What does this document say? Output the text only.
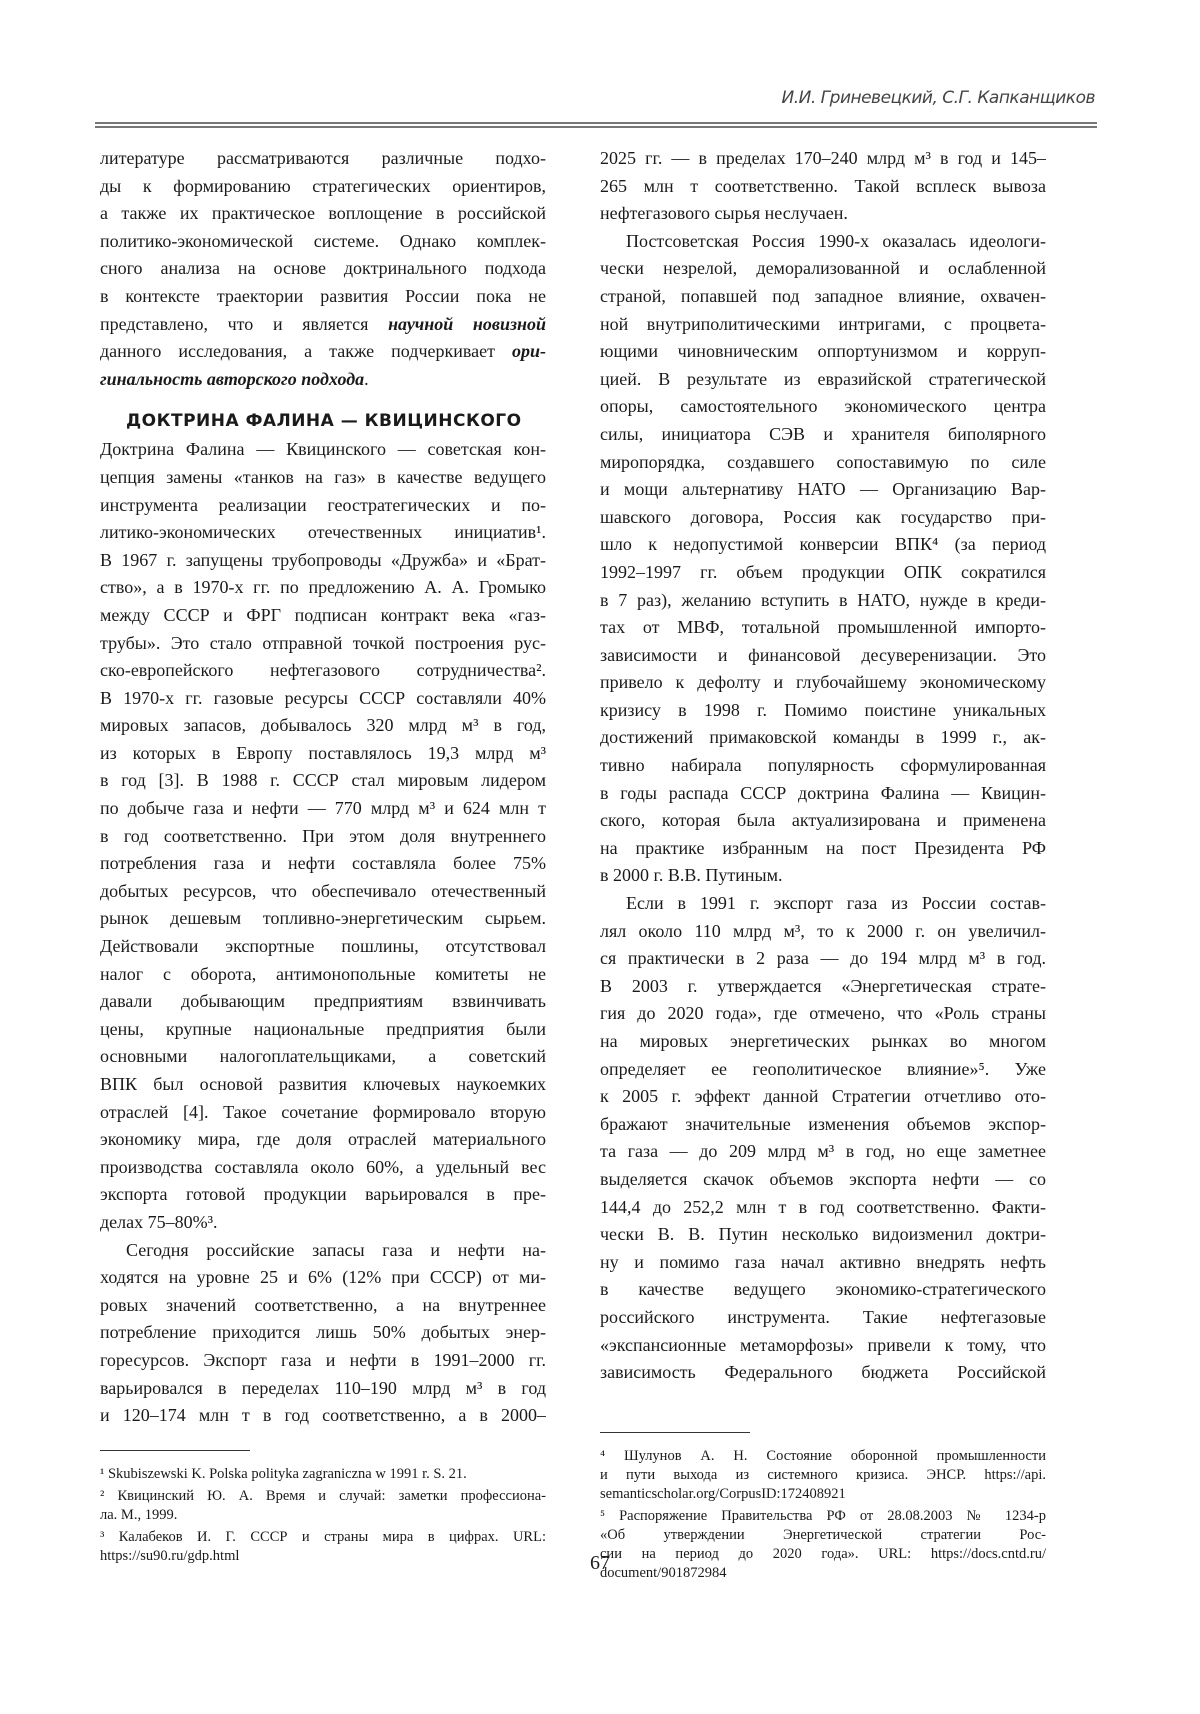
И.И. Гриневецкий, С.Г. Капканщиков
литературе рассматриваются различные подхо-
ды к формированию стратегических ориентиров,
а также их практическое воплощение в российской
политико-экономической системе. Однако комплек-
сного анализа на основе доктринального подхода
в контексте траектории развития России пока не
представлено, что и является научной новизной
данного исследования, а также подчеркивает ори-
гинальность авторского подхода.
ДОКТРИНА ФАЛИНА — КВИЦИНСКОГО
Доктрина Фалина — Квицинского — советская кон-
цепция замены «танков на газ» в качестве ведущего
инструмента реализации геостратегических и по-
литико-экономических отечественных инициатив¹.
В 1967 г. запущены трубопроводы «Дружба» и «Брат-
ство», а в 1970-х гг. по предложению А. А. Громыко
между СССР и ФРГ подписан контракт века «газ-
трубы». Это стало отправной точкой построения рус-
ско-европейского нефтегазового сотрудничества².
В 1970-х гг. газовые ресурсы СССР составляли 40%
мировых запасов, добывалось 320 млрд м³ в год,
из которых в Европу поставлялось 19,3 млрд м³
в год [3]. В 1988 г. СССР стал мировым лидером
по добыче газа и нефти — 770 млрд м³ и 624 млн т
в год соответственно. При этом доля внутреннего
потребления газа и нефти составляла более 75%
добытых ресурсов, что обеспечивало отечественный
рынок дешевым топливно-энергетическим сырьем.
Действовали экспортные пошлины, отсутствовал
налог с оборота, антимонопольные комитеты не
давали добывающим предприятиям взвинчивать
цены, крупные национальные предприятия были
основными налогоплательщиками, а советский
ВПК был основой развития ключевых наукоемких
отраслей [4]. Такое сочетание формировало вторую
экономику мира, где доля отраслей материального
производства составляла около 60%, а удельный вес
экспорта готовой продукции варьировался в пре-
делах 75–80%³.
Сегодня российские запасы газа и нефти на-
ходятся на уровне 25 и 6% (12% при СССР) от ми-
ровых значений соответственно, а на внутреннее
потребление приходится лишь 50% добытых энер-
горесурсов. Экспорт газа и нефти в 1991–2000 гг.
варьировался в переделах 110–190 млрд м³ в год
и 120–174 млн т в год соответственно, а в 2000–
2025 гг. — в пределах 170–240 млрд м³ в год и 145–
265 млн т соответственно. Такой всплеск вывоза
нефтегазового сырья неслучаен.
Постсоветская Россия 1990-х оказалась идеологи-
чески незрелой, деморализованной и ослабленной
страной, попавшей под западное влияние, охвачен-
ной внутриполитическими интригами, с процвета-
ющими чиновническим оппортунизмом и корруп-
цией. В результате из евразийской стратегической
опоры, самостоятельного экономического центра
силы, инициатора СЭВ и хранителя биполярного
миропорядка, создавшего сопоставимую по силе
и мощи альтернативу НАТО — Организацию Вар-
шавского договора, Россия как государство при-
шло к недопустимой конверсии ВПК⁴ (за период
1992–1997 гг. объем продукции ОПК сократился
в 7 раз), желанию вступить в НАТО, нужде в креди-
тах от МВФ, тотальной промышленной импорто-
зависимости и финансовой десуверенизации. Это
привело к дефолту и глубочайшему экономическому
кризису в 1998 г. Помимо поистине уникальных
достижений примаковской команды в 1999 г., ак-
тивно набирала популярность сформулированная
в годы распада СССР доктрина Фалина — Квицин-
ского, которая была актуализирована и применена
на практике избранным на пост Президента РФ
в 2000 г. В.В. Путиным.
Если в 1991 г. экспорт газа из России состав-
лял около 110 млрд м³, то к 2000 г. он увеличил-
ся практически в 2 раза — до 194 млрд м³ в год.
В 2003 г. утверждается «Энергетическая страте-
гия до 2020 года», где отмечено, что «Роль страны
на мировых энергетических рынках во многом
определяет ее геополитическое влияние»⁵. Уже
к 2005 г. эффект данной Стратегии отчетливо ото-
бражают значительные изменения объемов экспор-
та газа — до 209 млрд м³ в год, но еще заметнее
выделяется скачок объемов экспорта нефти — со
144,4 до 252,2 млн т в год соответственно. Факти-
чески В. В. Путин несколько видоизменил доктри-
ну и помимо газа начал активно внедрять нефть
в качестве ведущего экономико-стратегического
российского инструмента. Такие нефтегазовые
«экспансионные метаморфозы» привели к тому, что
зависимость Федерального бюджета Российской
¹ Skubiszewski K. Polska polityka zagraniczna w 1991 r. S. 21.
² Квицинский Ю. А. Время и случай: заметки профессиона-
ла. М., 1999.
³ Калабеков И. Г. СССР и страны мира в цифрах. URL:
https://su90.ru/gdp.html
⁴ Шулунов А. Н. Состояние оборонной промышленности
и пути выхода из системного кризиса. ЭНСР. https://api.
semanticscholar.org/CorpusID:172408921
⁵ Распоряжение Правительства РФ от 28.08.2003 № 1234-р
«Об утверждении Энергетической стратегии Рос-
сии на период до 2020 года». URL: https://docs.cntd.ru/
document/901872984
67
